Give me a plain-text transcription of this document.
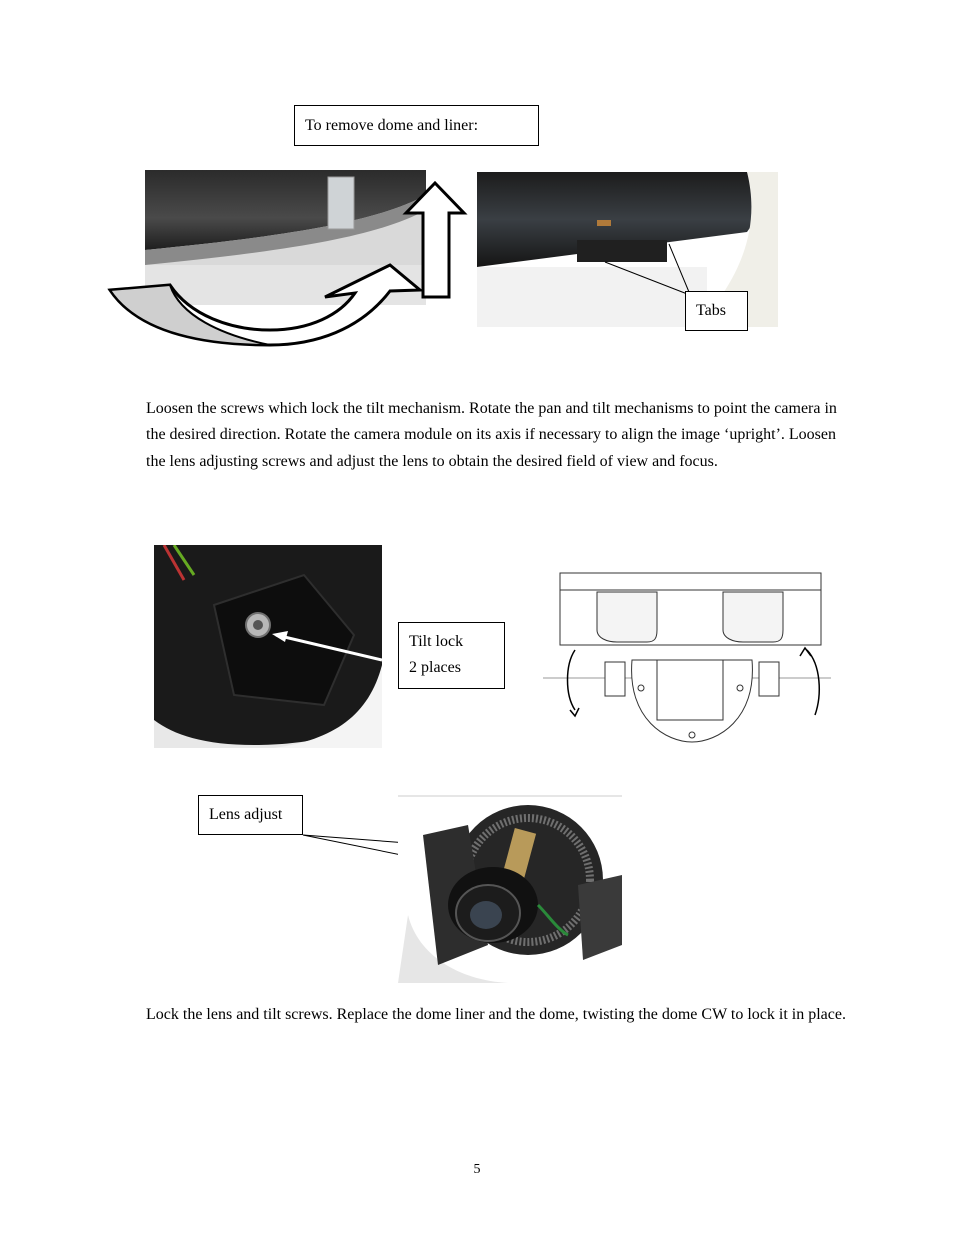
To remove dome and liner:
Tabs

Loosen the screws which lock the tilt mechanism. Rotate the pan and tilt mechanisms to point the camera in the desired direction. Rotate the camera module on its axis if necessary to align the image ‘upright’. Loosen the lens adjusting screws and adjust the lens to obtain the desired field of view and focus.

Tilt lock
2 places
Lens adjust

Lock the lens and tilt screws. Replace the dome liner and the dome, twisting the dome CW to lock it in place.

5
